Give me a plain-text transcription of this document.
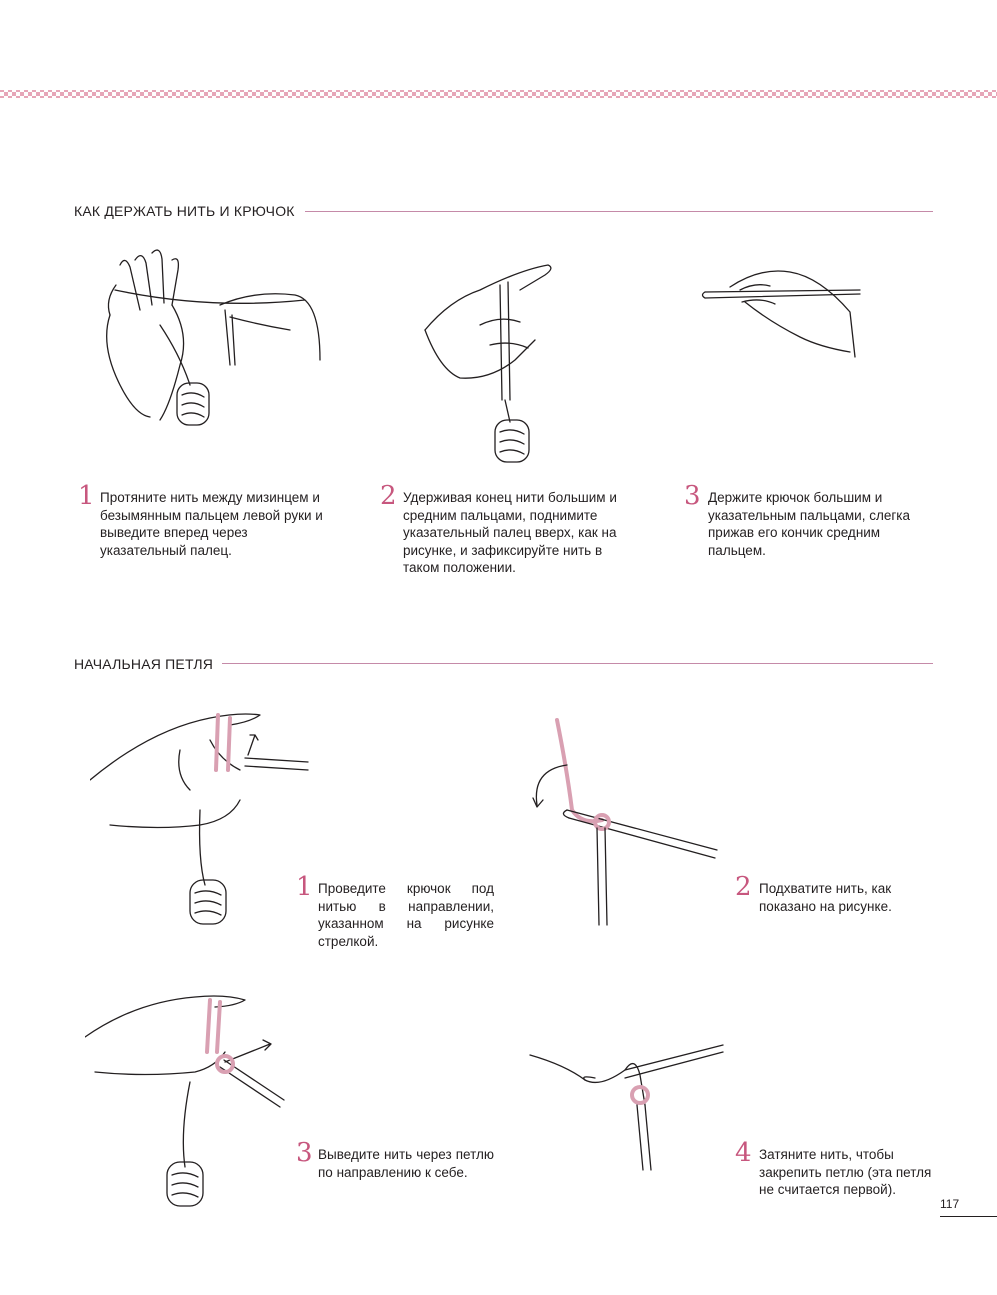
КАК ДЕРЖАТЬ НИТЬ И КРЮЧОК
1 Протяните нить между мизинцем и безымянным пальцем левой руки и выведите вперед через указательный палец.
2 Удерживая конец нити большим и средним пальцами, поднимите указательный палец вверх, как на рисунке, и зафиксируйте нить в таком положении.
3 Держите крючок большим и указательным пальцами, слегка прижав его кончик средним пальцем.
НАЧАЛЬНАЯ ПЕТЛЯ
1 Проведите крючок под нитью в направлении, указанном на рисунке стрелкой.
2 Подхватите нить, как показано на рисунке.
3 Выведите нить через петлю по направлению к себе.
4 Затяните нить, чтобы закрепить петлю (эта петля не считается первой).
117
